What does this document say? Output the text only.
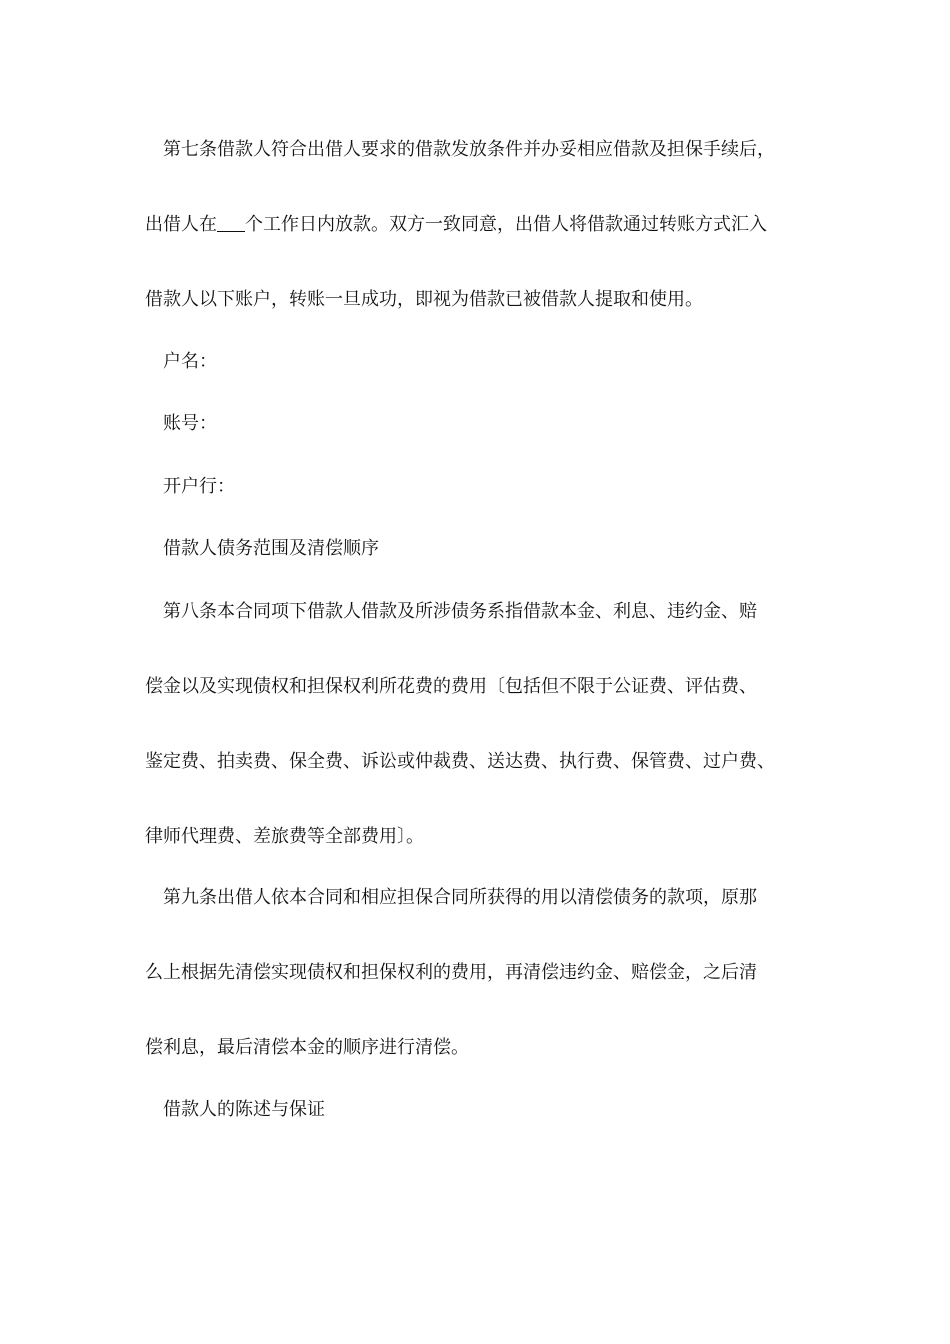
第七条借款人符合出借人要求的借款发放条件并办妥相应借款及担保手续后，
出借人在 个工作日内放款。双方一致同意，出借人将借款通过转账方式汇入
借款人以下账户，转账一旦成功，即视为借款已被借款人提取和使用。
户名：
账号：
开户行：
借款人债务范围及清偿顺序
第八条本合同项下借款人借款及所涉债务系指借款本金、利息、违约金、赔
偿金以及实现债权和担保权利所花费的费用〔包括但不限于公证费、评估费、
鉴定费、拍卖费、保全费、诉讼或仲裁费、送达费、执行费、保管费、过户费、
律师代理费、差旅费等全部费用〕。
第九条出借人依本合同和相应担保合同所获得的用以清偿债务的款项，原那
么上根据先清偿实现债权和担保权利的费用，再清偿违约金、赔偿金，之后清
偿利息，最后清偿本金的顺序进行清偿。
借款人的陈述与保证
